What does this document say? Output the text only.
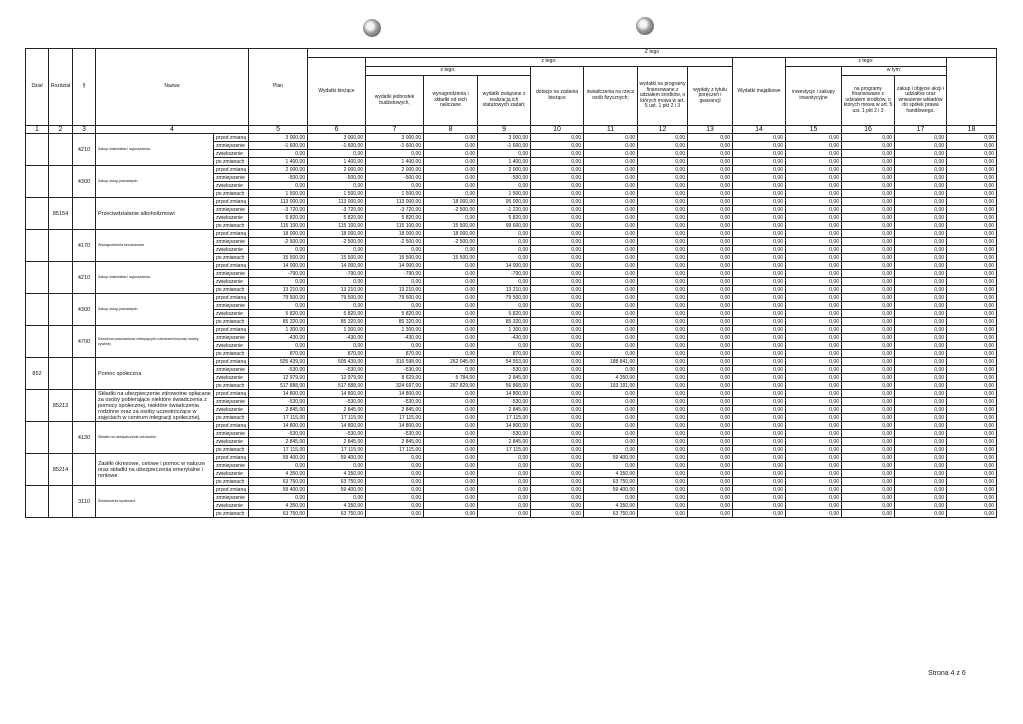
Dział	Rozdział	§	Nazwa		Plan	Z tego												
						Wydatki bieżące	z tego:							Wydatki majątkowe	z tego:			
							z tego:			dotacje na zadania bieżące	świadczenia na rzecz osób fizycznych;	wydatki na programy finansowane z udziałem środków, o których mowa w art. 5 ust. 1 pkt 2 i 3	wypłaty z tytułu poręczeń i gwarancji		inwestycje i zakupy inwestycyjne	w tym:		
							wydatki jednostek budżetowych,	wynagrodzenia i składki od nich naliczane	wydatki związane z realizacją ich statutowych zadań;							na programy finansowane z udziałem środków, o których mowa w art. 5 ust. 1 pkt 2 i 3	zakup i objęcie akcji i udziałów oraz wniesienie wkładów do spółek prawa handlowego.	
1	2	3	4		5	6	7	8	9	10	11	12	13	14	15	16	17	18
		4210	Zakup materiałów i wyposażenia	przed zmianą	3 000,00	3 000,00	3 000,00	0,00	3 000,00	0,00	0,00	0,00	0,00	0,00	0,00	0,00	0,00	0,00
				zmniejszenie	-1 600,00	-1 600,00	-1 600,00	0,00	-1 600,00	0,00	0,00	0,00	0,00	0,00	0,00	0,00	0,00	0,00
				zwiększenie	0,00	0,00	0,00	0,00	0,00	0,00	0,00	0,00	0,00	0,00	0,00	0,00	0,00	0,00
				po zmianach	1 400,00	1 400,00	1 400,00	0,00	1 400,00	0,00	0,00	0,00	0,00	0,00	0,00	0,00	0,00	0,00
		4300	Zakup usług pozostałych	przed zmianą	2 000,00	2 000,00	2 000,00	0,00	2 000,00	0,00	0,00	0,00	0,00	0,00	0,00	0,00	0,00	0,00
				zmniejszenie	-500,00	-500,00	-500,00	0,00	-500,00	0,00	0,00	0,00	0,00	0,00	0,00	0,00	0,00	0,00
				zwiększenie	0,00	0,00	0,00	0,00	0,00	0,00	0,00	0,00	0,00	0,00	0,00	0,00	0,00	0,00
				po zmianach	1 500,00	1 500,00	1 500,00	0,00	1 500,00	0,00	0,00	0,00	0,00	0,00	0,00	0,00	0,00	0,00
	85154		Przeciwdziałanie alkoholizmowi	przed zmianą	113 000,00	113 000,00	113 000,00	18 000,00	95 000,00	0,00	0,00	0,00	0,00	0,00	0,00	0,00	0,00	0,00
				zmniejszenie	-3 720,00	-3 720,00	-3 720,00	-2 500,00	-1 220,00	0,00	0,00	0,00	0,00	0,00	0,00	0,00	0,00	0,00
				zwiększenie	5 820,00	5 820,00	5 820,00	0,00	5 820,00	0,00	0,00	0,00	0,00	0,00	0,00	0,00	0,00	0,00
				po zmianach	115 100,00	115 100,00	115 100,00	15 500,00	99 600,00	0,00	0,00	0,00	0,00	0,00	0,00	0,00	0,00	0,00
		4170	Wynagrodzenia bezosobowe	przed zmianą	18 000,00	18 000,00	18 000,00	18 000,00	0,00	0,00	0,00	0,00	0,00	0,00	0,00	0,00	0,00	0,00
				zmniejszenie	-2 500,00	-2 500,00	-2 500,00	-2 500,00	0,00	0,00	0,00	0,00	0,00	0,00	0,00	0,00	0,00	0,00
				zwiększenie	0,00	0,00	0,00	0,00	0,00	0,00	0,00	0,00	0,00	0,00	0,00	0,00	0,00	0,00
				po zmianach	15 500,00	15 500,00	15 500,00	15 500,00	0,00	0,00	0,00	0,00	0,00	0,00	0,00	0,00	0,00	0,00
		4210	Zakup materiałów i wyposażenia	przed zmianą	14 000,00	14 000,00	14 000,00	0,00	14 000,00	0,00	0,00	0,00	0,00	0,00	0,00	0,00	0,00	0,00
				zmniejszenie	-790,00	-790,00	-790,00	0,00	-790,00	0,00	0,00	0,00	0,00	0,00	0,00	0,00	0,00	0,00
				zwiększenie	0,00	0,00	0,00	0,00	0,00	0,00	0,00	0,00	0,00	0,00	0,00	0,00	0,00	0,00
				po zmianach	13 210,00	13 210,00	13 210,00	0,00	13 210,00	0,00	0,00	0,00	0,00	0,00	0,00	0,00	0,00	0,00
		4300	Zakup usług pozostałych	przed zmianą	79 500,00	79 500,00	79 500,00	0,00	79 500,00	0,00	0,00	0,00	0,00	0,00	0,00	0,00	0,00	0,00
				zmniejszenie	0,00	0,00	0,00	0,00	0,00	0,00	0,00	0,00	0,00	0,00	0,00	0,00	0,00	0,00
				zwiększenie	5 820,00	5 820,00	5 820,00	0,00	5 820,00	0,00	0,00	0,00	0,00	0,00	0,00	0,00	0,00	0,00
				po zmianach	85 320,00	85 320,00	85 320,00	0,00	85 320,00	0,00	0,00	0,00	0,00	0,00	0,00	0,00	0,00	0,00
		4700	Szkolenia pracowników niebędących członkami korpusu służby cywilnej	przed zmianą	1 300,00	1 300,00	1 300,00	0,00	1 300,00	0,00	0,00	0,00	0,00	0,00	0,00	0,00	0,00	0,00
				zmniejszenie	-430,00	-430,00	-430,00	0,00	-430,00	0,00	0,00	0,00	0,00	0,00	0,00	0,00	0,00	0,00
				zwiększenie	0,00	0,00	0,00	0,00	0,00	0,00	0,00	0,00	0,00	0,00	0,00	0,00	0,00	0,00
				po zmianach	870,00	870,00	870,00	0,00	870,00	0,00	0,00	0,00	0,00	0,00	0,00	0,00	0,00	0,00
852			Pomoc społeczna	przed zmianą	505 439,00	505 439,00	316 598,00	262 045,00	54 553,00	0,00	188 841,00	0,00	0,00	0,00	0,00	0,00	0,00	0,00
				zmniejszenie	-530,00	-530,00	-530,00	0,00	-530,00	0,00	0,00	0,00	0,00	0,00	0,00	0,00	0,00	0,00
				zwiększenie	12 979,00	12 979,00	8 629,00	5 784,00	2 845,00	0,00	4 350,00	0,00	0,00	0,00	0,00	0,00	0,00	0,00
				po zmianach	517 888,00	517 888,00	324 697,00	267 829,00	56 868,00	0,00	193 191,00	0,00	0,00	0,00	0,00	0,00	0,00	0,00
	85213		Składki na ubezpieczenie zdrowotne opłacane za osoby pobierające niektóre świadczenia z pomocy społecznej, niektóre świadczenia rodzinne oraz za osoby uczestniczące w zajęciach w centrum integracji społecznej.	przed zmianą	14 800,00	14 800,00	14 800,00	0,00	14 800,00	0,00	0,00	0,00	0,00	0,00	0,00	0,00	0,00	0,00
				zmniejszenie	-530,00	-530,00	-530,00	0,00	-530,00	0,00	0,00	0,00	0,00	0,00	0,00	0,00	0,00	0,00
				zwiększenie	2 845,00	2 845,00	2 845,00	0,00	2 845,00	0,00	0,00	0,00	0,00	0,00	0,00	0,00	0,00	0,00
				po zmianach	17 115,00	17 115,00	17 115,00	0,00	17 115,00	0,00	0,00	0,00	0,00	0,00	0,00	0,00	0,00	0,00
		4130	Składki na ubezpieczenie zdrowotne	przed zmianą	14 800,00	14 800,00	14 800,00	0,00	14 800,00	0,00	0,00	0,00	0,00	0,00	0,00	0,00	0,00	0,00
				zmniejszenie	-530,00	-530,00	-530,00	0,00	-530,00	0,00	0,00	0,00	0,00	0,00	0,00	0,00	0,00	0,00
				zwiększenie	2 845,00	2 845,00	2 845,00	0,00	2 845,00	0,00	0,00	0,00	0,00	0,00	0,00	0,00	0,00	0,00
				po zmianach	17 115,00	17 115,00	17 115,00	0,00	17 115,00	0,00	0,00	0,00	0,00	0,00	0,00	0,00	0,00	0,00
	85214		Zasiłki okresowe, celowe i pomoc w naturze oraz składki na ubezpieczenia emerytalne i rentowe	przed zmianą	59 400,00	59 400,00	0,00	0,00	0,00	0,00	59 400,00	0,00	0,00	0,00	0,00	0,00	0,00	0,00
				zmniejszenie	0,00	0,00	0,00	0,00	0,00	0,00	0,00	0,00	0,00	0,00	0,00	0,00	0,00	0,00
				zwiększenie	4 350,00	4 350,00	0,00	0,00	0,00	0,00	4 350,00	0,00	0,00	0,00	0,00	0,00	0,00	0,00
				po zmianach	63 750,00	63 750,00	0,00	0,00	0,00	0,00	63 750,00	0,00	0,00	0,00	0,00	0,00	0,00	0,00
		3110	Świadczenia społeczne	przed zmianą	59 400,00	59 400,00	0,00	0,00	0,00	0,00	59 400,00	0,00	0,00	0,00	0,00	0,00	0,00	0,00
				zmniejszenie	0,00	0,00	0,00	0,00	0,00	0,00	0,00	0,00	0,00	0,00	0,00	0,00	0,00	0,00
				zwiększenie	4 350,00	4 350,00	0,00	0,00	0,00	0,00	4 350,00	0,00	0,00	0,00	0,00	0,00	0,00	0,00
				po zmianach	63 750,00	63 750,00	0,00	0,00	0,00	0,00	63 750,00	0,00	0,00	0,00	0,00	0,00	0,00	0,00
Strona 4 z 6
